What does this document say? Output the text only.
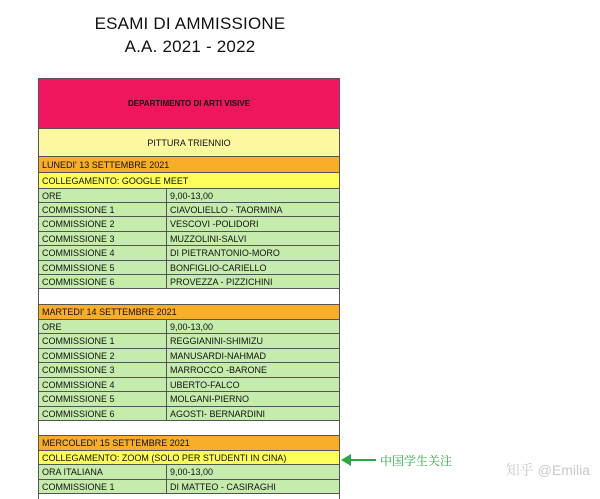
ESAMI DI AMMISSIONE
A.A. 2021 - 2022
DEPARTIMENTO DI ARTI VISIVE
PITTURA TRIENNIO
LUNEDI' 13 SETTEMBRE 2021
COLLEGAMENTO: GOOGLE MEET
ORE	9,00-13,00
COMMISSIONE 1	CIAVOLIELLO - TAORMINA
COMMISSIONE 2	VESCOVI -POLIDORI
COMMISSIONE 3	MUZZOLINI-SALVI
COMMISSIONE 4	DI PIETRANTONIO-MORO
COMMISSIONE 5	BONFIGLIO-CARIELLO
COMMISSIONE 6	PROVEZZA - PIZZICHINI
MARTEDI' 14 SETTEMBRE 2021
ORE	9,00-13,00
COMMISSIONE 1	REGGIANINI-SHIMIZU
COMMISSIONE 2	MANUSARDI-NAHMAD
COMMISSIONE 3	MARROCCO -BARONE
COMMISSIONE 4	UBERTO-FALCO
COMMISSIONE 5	MOLGANI-PIERNO
COMMISSIONE 6	AGOSTI- BERNARDINI
MERCOLEDI' 15 SETTEMBRE 2021
COLLEGAMENTO: ZOOM (SOLO PER STUDENTI IN CINA)
ORA ITALIANA	9,00-13,00
COMMISSIONE 1	DI MATTEO - CASIRAGHI
中国学生关注
知乎 @Emilia
